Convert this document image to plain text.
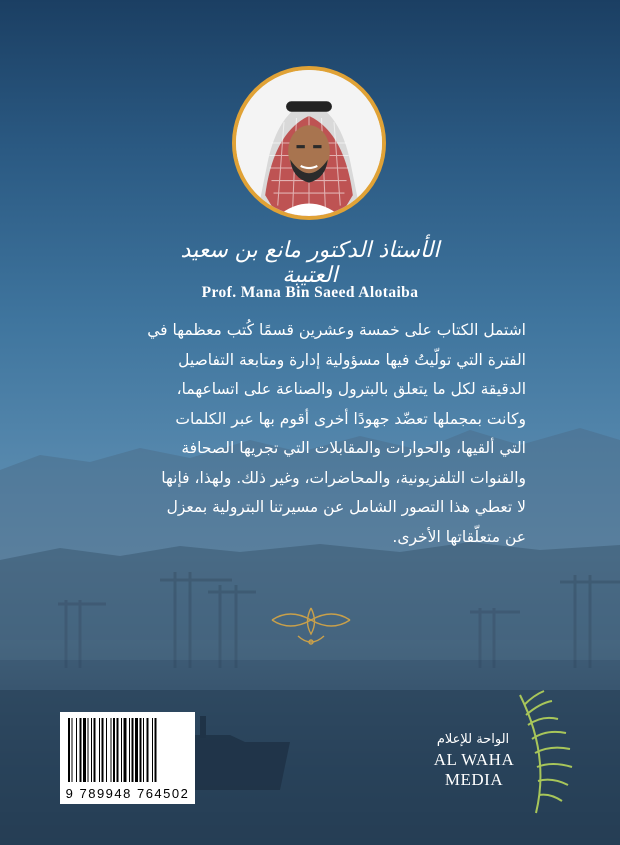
الأستاذ الدكتور مانع بن سعيد العتيبة
Prof. Mana Bin Saeed Alotaiba
اشتمل الكتاب على خمسة وعشرين قسمًا كُتب معظمها في
الفترة التي تولّيتُ فيها مسؤولية إدارة ومتابعة التفاصيل
الدقيقة لكل ما يتعلق بالبترول والصناعة على اتساعهما،
وكانت بمجملها تعضّد جهودًا أخرى أقوم بها عبر الكلمات
التي ألقيها، والحوارات والمقابلات التي تجريها الصحافة
والقنوات التلفزيونية، والمحاضرات، وغير ذلك. ولهذا، فإنها
لا تعطي هذا التصور الشامل عن مسيرتنا البترولية بمعزل
عن متعلّقاتها الأخرى.
9 789948 764502
الواحة للإعلام
AL WAHA
MEDIA
